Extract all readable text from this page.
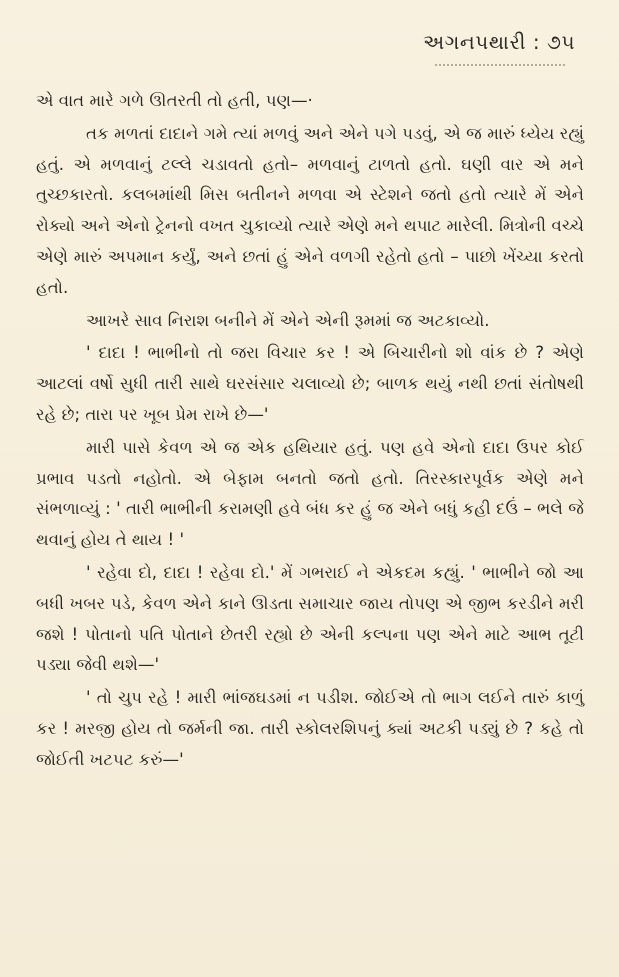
અગનપથારી : ૭૫

એ વાત મારે ગળે ઊતરતી તો હતી, પણ—·

તક મળતાં દાદાને ગમે ત્યાં મળવું અને એને પગે પડવું, એ જ મારું ધ્યેય રહ્યું હતું. એ મળવાનું ટલ્લે ચડાવતો હતો– મળવાનું ટાળતો હતો. ઘણી વાર એ મને તુચ્છકારતો. કલબમાંથી મિસ બતીનને મળવા એ સ્ટેશને જતો હતો ત્યારે મેં એને રોક્યો અને એનો ટ્રેનનો વખત ચુકાવ્યો ત્યારે એણે મને થપાટ મારેલી. મિત્રોની વચ્ચે એણે મારું અપમાન કર્યું, અને છતાં હું એને વળગી રહેતો હતો – પાછો ખેંચ્યા કરતો હતો.

આખરે સાવ નિરાશ બનીને મેં એને એની રૂમમાં જ અટકાવ્યો.

' દાદા ! ભાભીનો તો જરા વિચાર કર ! એ બિચારીનો શો વાંક છે ? એણે આટલાં વર્ષો સુધી તારી સાથે ઘરસંસાર ચલાવ્યો છે; બાળક થયું નથી છતાં સંતોષથી રહે છે; તારા પર ખૂબ પ્રેમ રાખે છે—'

મારી પાસે કેવળ એ જ એક હથિયાર હતું. પણ હવે એનો દાદા ઉપર કોઈ પ્રભાવ પડતો નહોતો. એ બેફામ બનતો જતો હતો. તિરસ્કારપૂર્વક એણે મને સંભળાવ્યું : ' તારી ભાભીની કરામણી હવે બંધ કર હું જ એને બધું કહી દઉં – ભલે જે થવાનું હોય તે થાય ! '

' રહેવા દો, દાદા ! રહેવા દો.' મેં ગભરાઈ ને એકદમ કહ્યું. ' ભાભીને જો આ બધી ખબર પડે, કેવળ એને કાને ઊડતા સમાચાર જાય તોપણ એ જીભ કરડીને મરી જશે ! પોતાનો પતિ પોતાને છેતરી રહ્યો છે એની કલ્પના પણ એને માટે આભ તૂટી પડ્યા જેવી થશે—'

' તો ચુપ રહે ! મારી ભાંજઘડમાં ન પડીશ. જોઈએ તો ભાગ લઈને તારું કાળું કર ! મરજી હોય તો જર્મની જા. તારી સ્કોલરશિપનું ક્યાં અટકી પડ્યું છે ? કહે તો જોઈતી ખટપટ કરું—'
